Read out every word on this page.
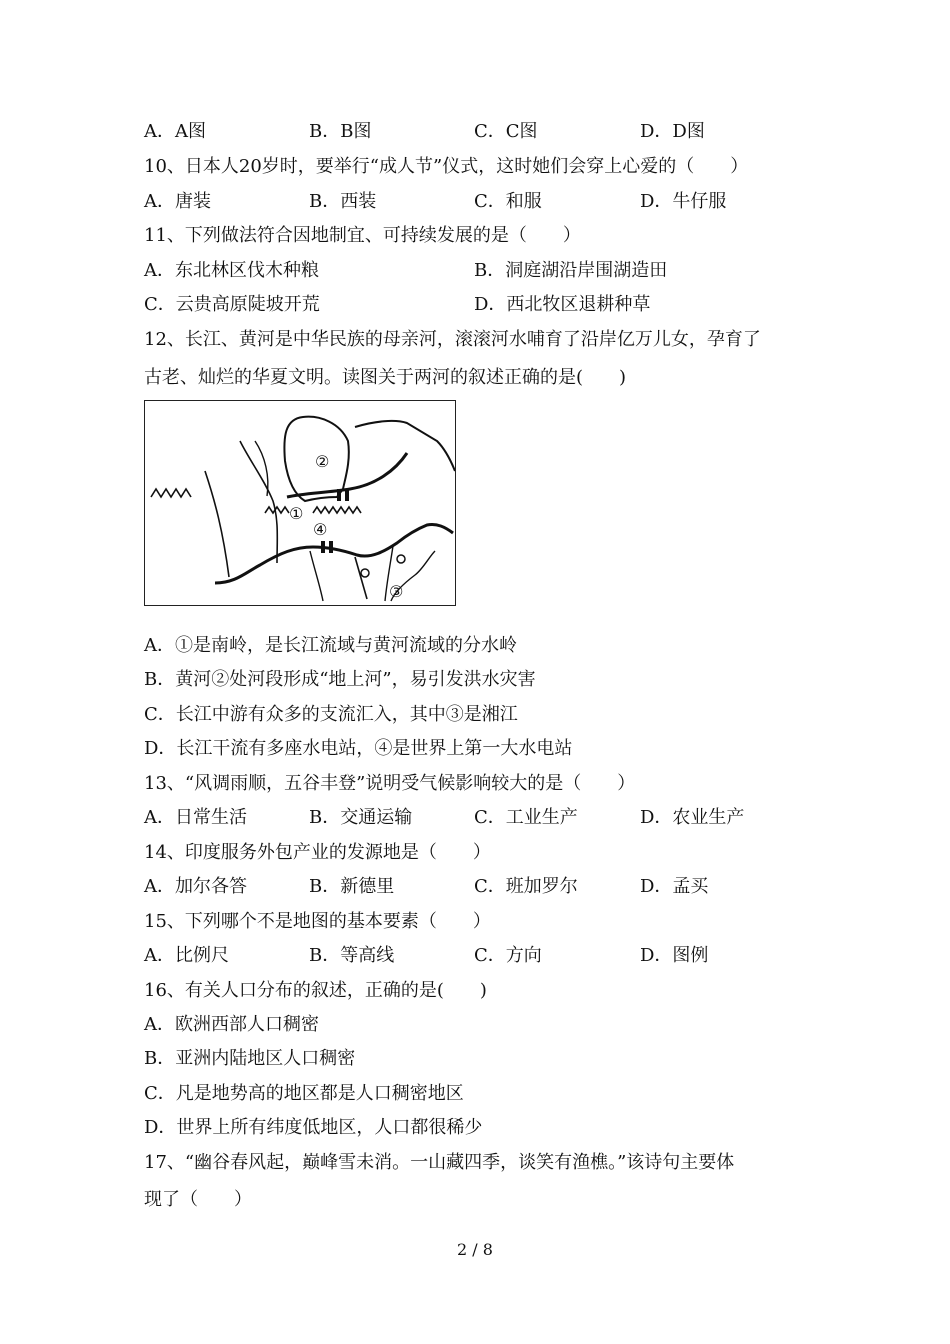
A．A图	B．B图	C．C图	D．D图
10、日本人20岁时，要举行“成人节”仪式，这时她们会穿上心爱的（　　）
A．唐装	B．西装	C．和服	D．牛仔服
11、下列做法符合因地制宜、可持续发展的是（　　）
A．东北林区伐木种粮	B．洞庭湖沿岸围湖造田
C．云贵高原陡坡开荒	D．西北牧区退耕种草
12、长江、黄河是中华民族的母亲河，滚滚河水哺育了沿岸亿万儿女，孕育了
古老、灿烂的华夏文明。读图关于两河的叙述正确的是(　　)
②
①
④
③
A．①是南岭，是长江流域与黄河流域的分水岭
B．黄河②处河段形成“地上河”，易引发洪水灾害
C．长江中游有众多的支流汇入，其中③是湘江
D．长江干流有多座水电站，④是世界上第一大水电站
13、“风调雨顺，五谷丰登”说明受气候影响较大的是（　　）
A．日常生活	B．交通运输	C．工业生产	D．农业生产
14、印度服务外包产业的发源地是（　　）
A．加尔各答	B．新德里	C．班加罗尔	D．孟买
15、下列哪个不是地图的基本要素（　　）
A．比例尺	B．等高线	C．方向	D．图例
16、有关人口分布的叙述，正确的是(　　)
A．欧洲西部人口稠密
B．亚洲内陆地区人口稠密
C．凡是地势高的地区都是人口稠密地区
D．世界上所有纬度低地区，人口都很稀少
17、“幽谷春风起，巅峰雪未消。一山藏四季，谈笑有渔樵。”该诗句主要体
现了（　　）
2 / 8
